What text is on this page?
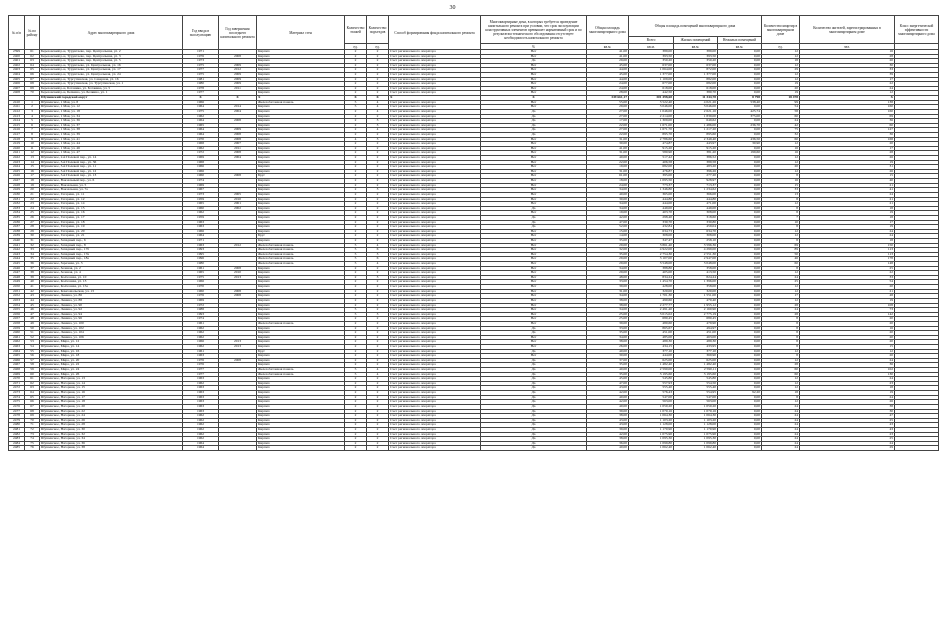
30
№ п/п	№ по району	Адрес многоквартирного дома	Год ввода в эксплуатацию	Год завершения последнего капитального ремонта	Материал стен	Количество этажей	Количество подъездов	Способ формирования фонда капитального ремонта	Многоквартирные дома, в которых требуется проведение капитального ремонта при условии, что срок эксплуатации конструктивных элементов превышает нормативный срок и по результатам технического обследования отсутствует необходимость капитального ремонта	Общая площадь многоквартирного дома	Общая площадь помещений многоквартирного дома			Количество квартир в многоквартирном доме	Количество жителей, зарегистрированных в многоквартирном доме	Класс энергетической эффективности многоквартирного дома
											Всего	Жилых помещений	Нежилых помещений			
						ед.	ед.		%	кв.м.	кв.м.	кв.м.	кв.м.	ед.	чел.	
2399	61	Березовский р-н, Турунтаево, пер. Центральная, ул. 2	1971		Кирпич	2	2	Счет регионального оператора	Нет	41,00	389,00	389,00	0,00	12	16	
2400	62	Березовский р-н, Турунтаево, пер. Центральная, ул. 3	1976	2008	Кирпич	2	2	Счет регионального оператора	Нет	41,00	393,50	393,50	0,00	12	28	
2401	63	Березовский р-н, Турунтаево, пер. Центральная, ул. 5	1973		Кирпич	2	2	Счет регионального оператора	Да	29,00	350,20	350,20	0,00	18	20	
2402	64	Березовский р-н, Турунтаево, ул. Центральная, ул. 16	1975	2009	Кирпич	2	2	Счет регионального оператора	Нет	45,00	637,00	637,00	0,00	12	30	
2403	65	Березовский р-н, Турунтаево, ул. Центральная, ул. 17	1977	2012	Кирпич	2	2	Счет регионального оператора	Нет	44,00	1 064,00	872,00	0,00	29	33	
2404	66	Березовский р-н, Турунтаево, ул. Центральная, ул. 24	1975	2009	Кирпич	2	2	Счет регионального оператора	Нет	45,00	1 377,00	1 377,00	0,00	12	39	
2405	67	Березовский р-н, Тургутинская, ул. Северная, ул. 16	1981	2009	Кирпич	2	2	Счет регионального оператора	Нет	44,00	1 109,00	882,00	0,00	12	17	
2406	68	Березовский р-н, Тургутинская, ул. Тургутинская, ул. 1	1980	2009	Кирпич	2	2	Счет регионального оператора	Нет	24,00	677,00	682,00	0,00	19	22	
2407	69	Березовский р-н, Ботаника, ул. Ботаника, ул. 5	1978	2011	Кирпич	2	2	Счет регионального оператора	Нет	24,00	618,00	618,00	0,00	20	24	
2408	70	Березовский р-н, Белкино, ул. Белкино, ул. 1	1977		Кирпич	2	2	Счет регионального оператора	Нет	28,00	442,50	380,70	0,00	19	12	
		Шушенский городской округ	X	X	X	X	X	X	X	349 661,17	301 498,68	11 344,78	8 798	18 478	X	
2410	1	Шушенское, 1 Мая, ул. 8	1966		Железобетонная панель	5	4	Счет регионального оператора	Нет	55,00	3 522,40	4 021,26	538,40	99	138	
2411	2	Шушенское, 1 Мая, ул. 12	1964	2014	Кирпич	5	4	Счет регионального оператора	Нет	29,00	3 046,00	3 046,00	0,00	54	160	
2412	3	Шушенское, 1 Мая, ул. 18	1975	2004	Кирпич	2	4	Счет регионального оператора	Да	27,00	1 046,00	2 621,16	425,74	58	160	
2413	4	Шушенское, 1 Мая, ул. 34	1962		Кирпич	2	2	Счет регионального оператора	Да	27,00	2 214,00	1 839,00	375,00	60	69	
2414	5	Шушенское, 1 Мая, ул. 36	1964	2008	Кирпич	2	3	Счет регионального оператора	Да	17,00	1 309,00	649,62	0,00	24	36	
2415	6	Шушенское, 1 Мая, ул. 37	1965		Кирпич	2	3	Счет регионального оператора	Да	22,00	1 671,00	1 486,00	236,70	42	60	
2416	7	Шушенское, 1 Мая, ул. 38	1964	2009	Кирпич	2	4	Счет регионального оператора	Да	27,00	1 671,70	1 217,20	0,00	75	127	
2417	8	Шушенское, 1 Мая, ул. 39	1964	2008	Кирпич	2	2	Счет регионального оператора	Да	22,00	895,70	895,60	0,00	32	36	
2418	9	Шушенское, 1 Мая, ул. 41	1970	2008	Кирпич	4	3	Счет регионального оператора	Нет	31,00	2 786,60	2 349,40	436,50	60	168	
2419	10	Шушенское, 1 Мая, ул. 44	1968	2007	Кирпич	2	2	Счет регионального оператора	Нет	30,00	474,87	443,97	30,90	12	20	
2420	11	Шушенское, 1 Мая, ул. 46	1962	2011	Кирпич	2	2	Счет регионального оператора	Нет	41,00	915,20	915,20	0,00	16	17	
2421	12	Шушенское, 1 Мая, ул. 47	1972	2008	Кирпич	2	2	Счет регионального оператора	Нет	31,00	580,90	381,20	199,60	16	28	
2422	13	Шушенское, 2-й Полевой пер., ул. 14	1969	2004	Кирпич	2	2	Счет регионального оператора	Нет	40,00	517,42	386,52	0,00	12	26	
2423	14	Шушенское, 3-й Полевой пер., ул. 36	1968		Кирпич	2	2	Счет регионального оператора	Нет	22,00	406,58	389,58	0,00	12	19	
2424	15	Шушенское, 3-й Полевой пер., ул. 11	1966		Кирпич	2	2	Счет регионального оператора	Нет	19,00	682,00	483,20	0,00	20	31	
2425	16	Шушенское, 3-й Полевой пер., ул. 12	1966		Кирпич	2	2	Счет регионального оператора	Нет	31,00	476,87	396,26	0,00	12	26	
2426	17	Шушенское, 3-й Полевой пер., ул. 13	1960	2008	Брус	2	2	Счет регионального оператора	Нет	61,00	395,00	277,20	0,00	8	15	
2427	18	Шушенское, Вокзальный пер., ул. 6	1974		Кирпич	2	2	Счет регионального оператора	Нет	18,00	1 095,50	928,97	0,00	16	40	
2428	19	Шушенское, Вокзальная, ул. 5	1969		Кирпич	2	2	Счет регионального оператора	Нет	24,00	773,37	713,37	0,00	15	21	
2429	20	Шушенское, Вокзальная, ул. 7а	1967		Кирпич	2	3	Счет регионального оператора	Нет	34,00	1 346,80	1 234,62	0,00	33	41	
2430	21	Шушенское, Гагарина, ул. 11	1973	2005	Кирпич	2	2	Счет регионального оператора	Нет	40,00	365,00	366,00	0,00	13	24	
2431	22	Шушенское, Гагарина, ул. 12	1959	2010	Кирпич	2	2	Счет регионального оператора	Нет	30,00	444,80	444,80	0,00	8	21	
2432	23	Шушенское, Гагарина, ул. 14	1965	2001	Кирпич	2	2	Счет регионального оператора	Нет	34,00	444,00	471,00	0,00	12	21	
2433	24	Шушенское, Гагарина, ул. 15	1960	2002	Кирпич	2	2	Счет регионального оператора	Да	34,00	449,00	449,00	0,00	8	18	
2434	25	Шушенское, Гагарина, ул. 16	1962		Кирпич	2	2	Счет регионального оператора	Нет	19,00	403,70	308,00	0,00	8	19	
2435	26	Шушенское, Гагарина, ул. 17	1959		Кирпич	2	2	Счет регионального оператора	Да	42,00	298,40	318,60	0,00	7	18	
2436	27	Шушенское, Гагарина, ул. 18	1963		Кирпич	2	2	Счет регионального оператора	Да	47,00	330,70	330,80	0,00	10	17	
2437	28	Шушенское, Гагарина, ул. 19	1963		Кирпич	2	2	Счет регионального оператора	Да	52,00	432,84	459,04	0,00	8	19	
2438	29	Шушенское, Гагарина, ул. 20	1966		Кирпич	2	2	Счет регионального оператора	Нет	15,00	634,73	634,70	0,00	12	24	
2439	30	Шушенское, Гагарина, ул. 21	1964		Брус	2	2	Счет регионального оператора	Нет	14,00	308,00	308,00	0,00	12	24	
2440	31	Шушенское, Западный пер., 6	1971		Кирпич	2	2	Счет регионального оператора	Нет	35,00	347,47	258,10	0,00	8	18	
2441	32	Шушенское, Западный пер., 8	1963	2012	Железобетонная панель	5	4	Счет регионального оператора	Нет	29,00	3 861,40	3 596,36	0,00	69	150	
2442	33	Шушенское, Западный пер., 17б	1993		Железобетонная панель	5	6	Счет регионального оператора	Нет	32,00	4 922,00	4 299,00	0,00	89	113	
2443	34	Шушенское, Западный пер., 17в	1995		Железобетонная панель	5	3	Счет регионального оператора	Нет	35,00	2 754,30	2 551,30	0,00	50	113	
2444	35	Шушенское, Западный пер., 18а	1996		Железобетонная панель	5	6	Счет регионального оператора	Нет	29,00	3 107,00	2 947,00	0,00	46	178	
2445	36	Шушенское, Заречная, ул. 3	1980		Железобетонная панель	5	4	Счет регионального оператора	Нет	29,00	3 548,00	3 048,00	0,00	60	148	
2446	37	Шушенское, Зеленая, ул. 2	1961	2008	Кирпич	2	2	Счет регионального оператора	Нет	34,00	388,80	358,00	0,00	8	25	
2447	38	Шушенское, Зеленая, ул. 4	1965	2010	Кирпич	2	2	Счет регионального оператора	Нет	29,00	405,00	413,50	0,00	12	22	
2448	39	Шушенское, Колхозная, ул. 10	1975	2013	Кирпич	2	3	Счет регионального оператора	Нет	48,00	834,24	824,24	0,00	24	33	
2449	40	Шушенское, Колхозная, ул. 13	1966		Кирпич	2	2	Счет регионального оператора	Нет	33,00	1 454,70	1 396,00	0,00	25	54	
2450	41	Шушенское, Колхозная, ул. 15а	1970		Кирпич	2	2	Счет регионального оператора	Нет	39,00	428,00	358,00	0,00	12	20	
2451	42	Шушенское, Комсомольская, ул. 13	1960	2008	Кирпич	2	2	Счет регионального оператора	Нет	31,00	320,00	320,00	0,00	12	21	
2452	43	Шушенское, Ленина, ул. 86	1976	2008	Кирпич	2	2	Счет регионального оператора	Нет	34,00	1 701,30	1 551,00	0,00	17	48	
2453	44	Шушенское, Ленина, ул. 88	1969		Кирпич	2	2	Счет регионального оператора	Нет	38,00	490,60	470,40	0,00	12	19	
2454	45	Шушенское, Ленина, ул. 90	1972		Кирпич	2	2	Счет регионального оператора	Нет	38,00	2 277,77	1 955,12	0,00	28	108	
2455	46	Шушенское, Ленина, ул. 92	1988		Кирпич	5	2	Счет регионального оператора	Нет	34,00	2 491,40	2 160,90	0,00	24	73	
2456	47	Шушенское, Ленина, ул. 94	1993		Кирпич	5	3	Счет регионального оператора	Нет	25,00	3 015,02	2 775,19	0,00	28	142	
2457	48	Шушенское, Ленина, ул. 96	1974		Кирпич	2	2	Счет регионального оператора	Нет	25,00	680,45	680,45	0,00	8	20	
2458	49	Шушенское, Ленина, ул. 100	1961		Железобетонная панель	2	2	Счет регионального оператора	Нет	39,00	480,60	479,90	0,00	8	20	
2459	50	Шушенское, Ленина, ул. 102	1962		Кирпич	2	2	Счет регионального оператора	Да	33,00	865,67	494,97	0,00	8	16	
2460	51	Шушенское, Ленина, ул. 104	1962		Кирпич	2	2	Счет регионального оператора	Да	35,00	451,00	451,00	0,00	8	20	
2461	52	Шушенское, Ленина, ул. 106	1962		Кирпич	2	2	Счет регионального оператора	Нет	34,00	485,00	463,00	0,00	8	20	
2462	53	Шушенское, Мира, ул. 12	1966	2013	Кирпич	2	2	Счет регионального оператора	Нет	38,00	489,30	489,30	0,00	8	20	
2463	54	Шушенское, Мира, ул. 14	1962	2013	Кирпич	2	2	Счет регионального оператора	Нет	26,00	434,15	433,95	0,00	8	15	
2464	55	Шушенское, Мира, ул. 16	1961		Брус	2	2	Счет регионального оператора	Да	40,00	377,10	377,10	0,00	12	12	
2465	56	Шушенское, Мира, ул. 18	1963		Кирпич	2	2	Счет регионального оператора	Нет	30,00	444,00	369,90	0,00	8	20	
2466	57	Шушенское, Мира, ул. 20	1976	2008	Кирпич	2	2	Счет регионального оператора	Да	37,00	625,00	625,00	0,00	12	24	
2467	58	Шушенское, Мира, ул. 22	1976		Кирпич	2	2	Счет регионального оператора	Да	35,00	1 482,40	1 482,40	0,00	28	36	
2468	59	Шушенское, Мира, ул. 24	1977		Железобетонная панель	5	4	Счет регионального оператора	Да	40,00	2 590,00	2 590,11	0,00	60	102	
2469	60	Шушенское, Мира, ул. 26	1977		Железобетонная панель	5	4	Счет регионального оператора	Да	35,00	3 195,60	3 195,60	0,00	60	130	
2470	61	Шушенское, Нагорная, ул. 13	1963		Кирпич	2	2	Счет регионального оператора	Да	45,00	545,80	545,80	0,00	12	24	
2471	62	Шушенское, Нагорная, ул. 14	1962		Кирпич	2	2	Счет регионального оператора	Да	47,00	557,93	554,50	0,00	12	23	
2472	63	Шушенское, Нагорная, ул. 15	1963		Кирпич	2	2	Счет регионального оператора	Да	43,00	555,40	555,40	0,00	12	18	
2473	64	Шушенское, Нагорная, ул. 16	1963		Кирпич	2	2	Счет регионального оператора	Да	42,00	576,43	554,95	92,20	18	19	
2474	65	Шушенское, Нагорная, ул. 17	1963		Кирпич	2	2	Счет регионального оператора	Да	40,00	547,00	547,00	0,00	8	24	
2475	66	Шушенское, Нагорная, ул. 18	1963		Кирпич	2	2	Счет регионального оператора	Да	42,00	563,00	563,00	0,00	12	26	
2476	67	Шушенское, Нагорная, ул. 20	1963		Кирпич	2	2	Счет регионального оператора	Да	40,00	1 050,20	1 050,20	0,00	24	38	
2477	68	Шушенское, Нагорная, ул. 22	1963		Кирпич	2	2	Счет регионального оператора	Да	39,00	1 070,16	1 070,16	0,00	24	30	
2478	69	Шушенское, Нагорная, ул. 24	1962		Кирпич	2	2	Счет регионального оператора	Да	38,00	1 064,30	1 064,30	0,00	24	47	
2479	70	Шушенское, Нагорная, ул. 26	1962		Кирпич	2	2	Счет регионального оператора	Да	43,00	1 103,20	1 103,20	0,00	24	25	
2480	71	Шушенское, Нагорная, ул. 28	1962		Кирпич	2	2	Счет регионального оператора	Да	43,00	1 128,00	1 128,00	0,00	24	43	
2481	72	Шушенское, Нагорная, ул. 30	1962		Кирпич	2	2	Счет регионального оператора	Да	39,00	1 170,90	1 170,90	0,00	24	43	
2482	73	Шушенское, Нагорная, ул. 32	1962		Кирпич	2	2	Счет регионального оператора	Да	42,00	1 075,90	1 075,90	0,00	24	23	
2483	74	Шушенское, Нагорная, ул. 34	1962		Кирпич	2	2	Счет регионального оператора	Да	38,00	1 095,30	1 095,30	0,00	24	25	
2484	75	Шушенское, Нагорная, ул. 36	1964		Кирпич	2	2	Счет регионального оператора	Да	36,00	1 099,80	1 099,80	0,00	24	24	
2485	76	Шушенское, Нагорная, ул. 38	1964		Кирпич	2	2	Счет регионального оператора	Да	40,00	1 062,40	1 062,40	0,00	24	29	
